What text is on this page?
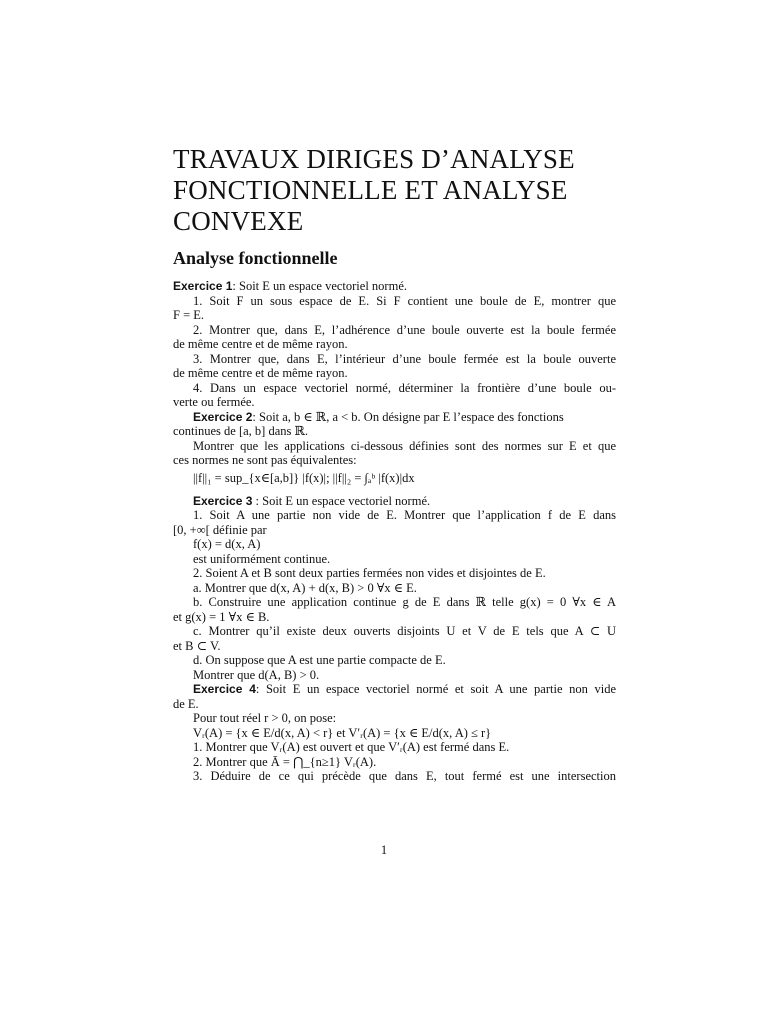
TRAVAUX DIRIGES D’ANALYSE FONCTIONNELLE ET ANALYSE CONVEXE
Analyse fonctionnelle
Exercice 1: Soit E un espace vectoriel normé.
1. Soit F un sous espace de E. Si F contient une boule de E, montrer que
F = E.
2. Montrer que, dans E, l’adhérence d’une boule ouverte est la boule fermée
de même centre et de même rayon.
3. Montrer que, dans E, l’intérieur d’une boule fermée est la boule ouverte
de même centre et de même rayon.
4. Dans un espace vectoriel normé, déterminer la frontière d’une boule ou-
verte ou fermée.
Exercice 2: Soit a, b ∈ ℝ, a < b. On désigne par E l’espace des fonctions
continues de [a, b] dans ℝ.
Montrer que les applications ci-dessous définies sont des normes sur E et que
ces normes ne sont pas équivalentes:
||f||₁ = sup_{x∈[a,b]} |f(x)|; ||f||₂ = ∫ₐᵇ |f(x)|dx
Exercice 3 : Soit E un espace vectoriel normé.
1. Soit A une partie non vide de E. Montrer que l’application f de E dans
[0, +∞[ définie par
f(x) = d(x, A)
est uniformément continue.
2. Soient A et B sont deux parties fermées non vides et disjointes de E.
a. Montrer que d(x, A) + d(x, B) > 0 ∀x ∈ E.
b. Construire une application continue g de E dans ℝ telle g(x) = 0 ∀x ∈ A
et g(x) = 1 ∀x ∈ B.
c. Montrer qu’il existe deux ouverts disjoints U et V de E tels que A ⊂ U
et B ⊂ V.
d. On suppose que A est une partie compacte de E.
Montrer que d(A, B) > 0.
Exercice 4: Soit E un espace vectoriel normé et soit A une partie non vide
de E.
Pour tout réel r > 0, on pose:
Vᵣ(A) = {x ∈ E/d(x, A) < r} et V′ᵣ(A) = {x ∈ E/d(x, A) ≤ r}
1. Montrer que Vᵣ(A) est ouvert et que V′ᵣ(A) est fermé dans E.
2. Montrer que Ā = ⋂_{n≥1} Vᵣ(A).
3. Déduire de ce qui précède que dans E, tout fermé est une intersection
1
